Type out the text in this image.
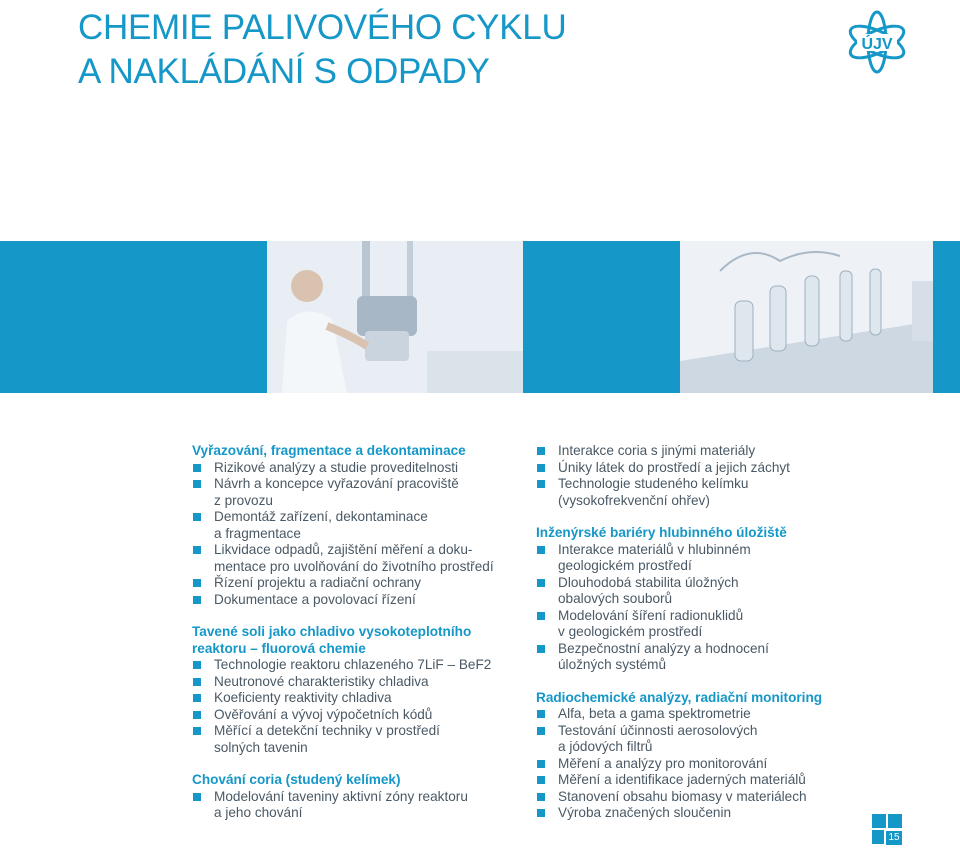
CHEMIE PALIVOVÉHO CYKLU
A NAKLÁDÁNÍ S ODPADY
ÚJV
Vyřazování, fragmentace a dekontaminace
Rizikové analýzy a studie proveditelnosti
Návrh a koncepce vyřazování pracoviště
z provozu
Demontáž zařízení, dekontaminace
a fragmentace
Likvidace odpadů, zajištění měření a doku-
mentace pro uvolňování do životního prostředí
Řízení projektu a radiační ochrany
Dokumentace a povolovací řízení
Tavené soli jako chladivo vysokoteplotního
reaktoru – fluorová chemie
Technologie reaktoru chlazeného 7LiF – BeF2
Neutronové charakteristiky chladiva
Koeficienty reaktivity chladiva
Ověřování a vývoj výpočetních kódů
Měřící a detekční techniky v prostředí
solných tavenin
Chování coria (studený kelímek)
Modelování taveniny aktivní zóny reaktoru
a jeho chování
Interakce coria s jinými materiály
Úniky látek do prostředí a jejich záchyt
Technologie studeného kelímku
(vysokofrekvenční ohřev)
Inženýrské bariéry hlubinného úložiště
Interakce materiálů v hlubinném
geologickém prostředí
Dlouhodobá stabilita úložných
obalových souborů
Modelování šíření radionuklidů
v geologickém prostředí
Bezpečnostní analýzy a hodnocení
úložných systémů
Radiochemické analýzy, radiační monitoring
Alfa, beta a gama spektrometrie
Testování účinnosti aerosolových
a jódových filtrů
Měření a analýzy pro monitorování
Měření a identifikace jaderných materiálů
Stanovení obsahu biomasy v materiálech
Výroba značených sloučenin
15
